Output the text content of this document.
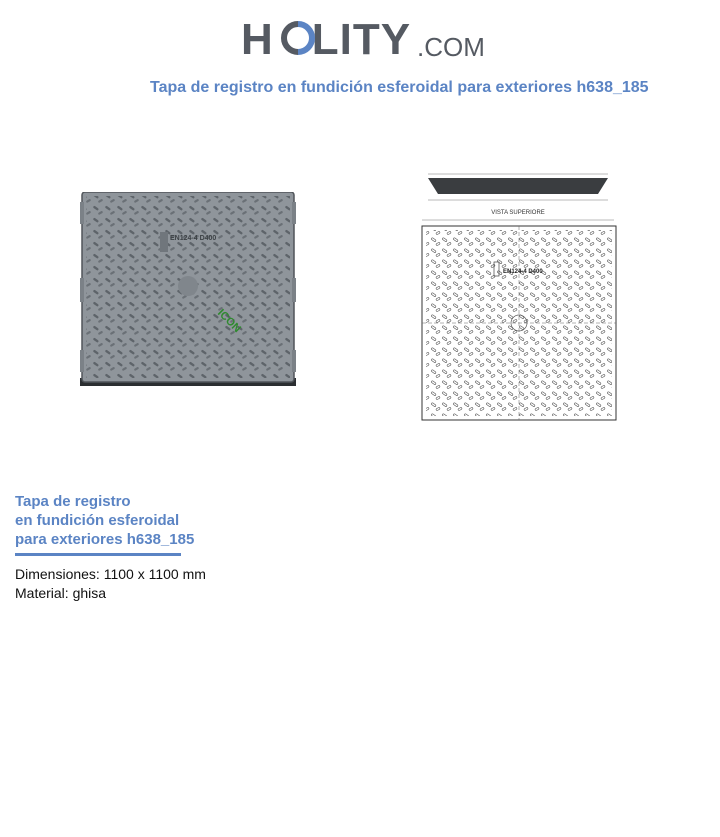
H LITY .COM
Tapa de registro en fundición esferoidal para exteriores h638_185
EN124-4 D400
ICON
VISTA SUPERIORE
EN124-4 D400
Tapa de registro
en fundición esferoidal
para exteriores h638_185
Dimensiones: 1100 x 1100 mm
Material: ghisa
